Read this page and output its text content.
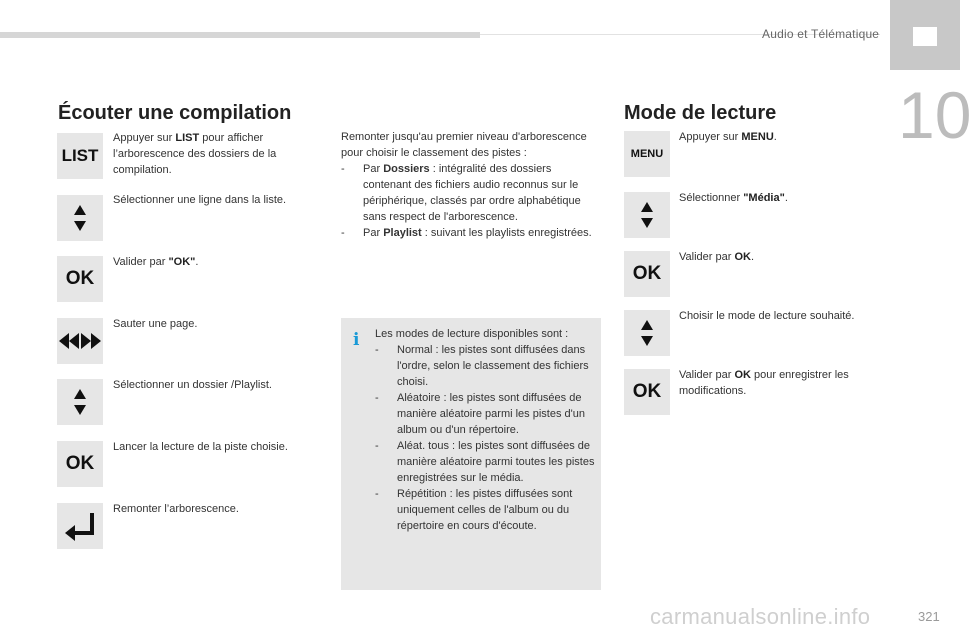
Audio et Télématique
10
Écouter une compilation
LIST
Appuyer sur LIST pour afficher l’arborescence des dossiers de la compilation.
Sélectionner une ligne dans la liste.
OK
Valider par "OK".
Sauter une page.
Sélectionner un dossier /Playlist.
OK
Lancer la lecture de la piste choisie.
Remonter l’arborescence.
Remonter jusqu'au premier niveau d'arborescence pour choisir le classement des pistes :
-	Par Dossiers : intégralité des dossiers contenant des fichiers audio reconnus sur le périphérique, classés par ordre alphabétique sans respect de l'arborescence.
-	Par Playlist : suivant les playlists enregistrées.
i Les modes de lecture disponibles sont :
-	Normal : les pistes sont diffusées dans l'ordre, selon le classement des fichiers choisi.
-	Aléatoire : les pistes sont diffusées de manière aléatoire parmi les pistes d'un album ou d'un répertoire.
-	Aléat. tous : les pistes sont diffusées de manière aléatoire parmi toutes les pistes enregistrées sur le média.
-	Répétition : les pistes diffusées sont uniquement celles de l'album ou du répertoire en cours d'écoute.
Mode de lecture
MENU
Appuyer sur MENU.
Sélectionner "Média".
OK
Valider par OK.
Choisir le mode de lecture souhaité.
OK
Valider par OK pour enregistrer les modifications.
carmanualsonline.info	321
